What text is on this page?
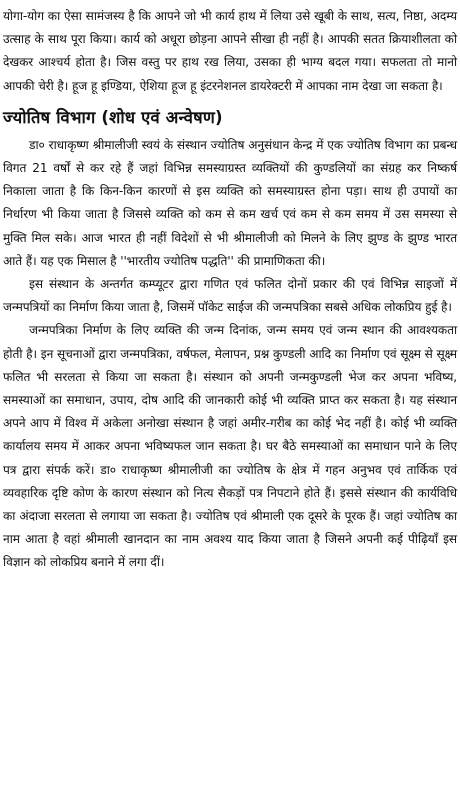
योगा-योग का ऐसा सामंजस्य है कि आपने जो भी कार्य हाथ में लिया उसे खूबी के साथ, सत्य, निष्ठा, अदम्य उत्साह के साथ पूरा किया। कार्य को अधूरा छोड़ना आपने सीखा ही नहीं है। आपकी सतत क्रियाशीलता को देखकर आश्चर्य होता है। जिस वस्तु पर हाथ रख लिया, उसका ही भाग्य बदल गया। सफलता तो मानो आपकी चेरी है। हूज हू इण्डिया, ऐशिया हूज हू इंटरनेशनल डायरेक्टरी में आपका नाम देखा जा सकता है।

ज्योतिष विभाग (शोध एवं अन्वेषण)

डा० राधाकृष्ण श्रीमालीजी स्वयं के संस्थान ज्योतिष अनुसंधान केन्द्र में एक ज्योतिष विभाग का प्रबन्ध विगत 21 वर्षों से कर रहे हैं जहां विभिन्न समस्याग्रस्त व्यक्तियों की कुण्डलियों का संग्रह कर निष्कर्ष निकाला जाता है कि किन-किन कारणों से इस व्यक्ति को समस्याग्रस्त होना पड़ा। साथ ही उपायों का निर्धारण भी किया जाता है जिससे व्यक्ति को कम से कम खर्च एवं कम से कम समय में उस समस्या से मुक्ति मिल सके। आज भारत ही नहीं विदेशों से भी श्रीमालीजी को मिलने के लिए झुण्ड के झुण्ड भारत आते हैं। यह एक मिसाल है ''भारतीय ज्योतिष पद्धति'' की प्रामाणिकता की।

इस संस्थान के अन्तर्गत कम्प्यूटर द्वारा गणित एवं फलित दोनों प्रकार की एवं विभिन्न साइजों में जन्मपत्रियों का निर्माण किया जाता है, जिसमें पॉकेट साईज की जन्मपत्रिका सबसे अधिक लोकप्रिय हुई है।

जन्मपत्रिका निर्माण के लिए व्यक्ति की जन्म दिनांक, जन्म समय एवं जन्म स्थान की आवश्यकता होती है। इन सूचनाओं द्वारा जन्मपत्रिका, वर्षफल, मेलापन, प्रश्न कुण्डली आदि का निर्माण एवं सूक्ष्म से सूक्ष्म फलित भी सरलता से किया जा सकता है। संस्थान को अपनी जन्मकुण्डली भेज कर अपना भविष्य, समस्याओं का समाधान, उपाय, दोष आदि की जानकारी कोई भी व्यक्ति प्राप्त कर सकता है। यह संस्थान अपने आप में विश्व में अकेला अनोखा संस्थान है जहां अमीर-गरीब का कोई भेद नहीं है। कोई भी व्यक्ति कार्यालय समय में आकर अपना भविष्यफल जान सकता है। घर बैठे समस्याओं का समाधान पाने के लिए पत्र द्वारा संपर्क करें। डा० राधाकृष्ण श्रीमालीजी का ज्योतिष के क्षेत्र में गहन अनुभव एवं तार्किक एवं व्यवहारिक दृष्टि कोण के कारण संस्थान को नित्य सैकड़ों पत्र निपटाने होते हैं। इससे संस्थान की कार्यविधि का अंदाजा सरलता से लगाया जा सकता है। ज्योतिष एवं श्रीमाली एक दूसरे के पूरक हैं। जहां ज्योतिष का नाम आता है वहां श्रीमाली खानदान का नाम अवश्य याद किया जाता है जिसने अपनी कई पीढ़ियाँ इस विज्ञान को लोकप्रिय बनाने में लगा दीं।
